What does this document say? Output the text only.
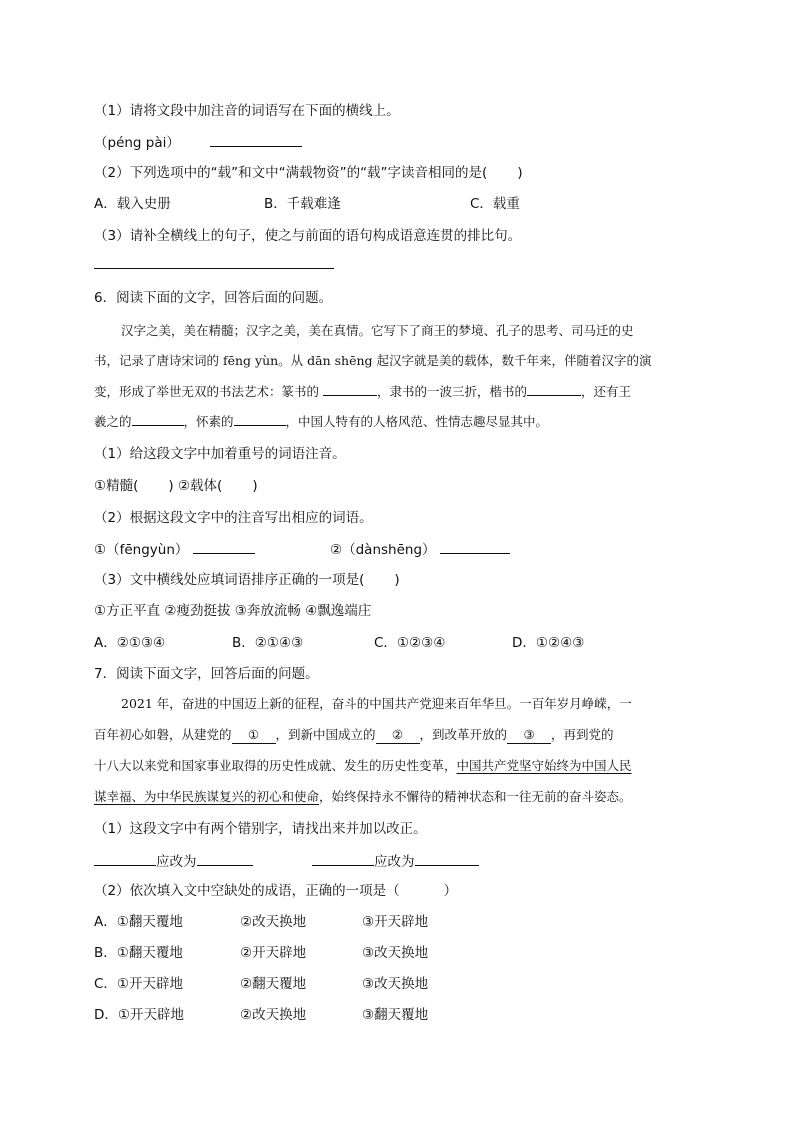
（1）请将文段中加注音的词语写在下面的横线上。
（péng pài）
（2）下列选项中的“载”和文中“满载物资”的“载”字读音相同的是( )
A．载入史册	B．千载难逢	C．载重
（3）请补全横线上的句子，使之与前面的语句构成语意连贯的排比句。
6．阅读下面的文字，回答后面的问题。
汉字之美，美在精髓；汉字之美，美在真情。它写下了商王的梦境、孔子的思考、司马迁的史
书，记录了唐诗宋词的 fēng yùn。从 dān shēng 起汉字就是美的载体，数千年来，伴随着汉字的演
变，形成了举世无双的书法艺术：篆书的	，隶书的一波三折，楷书的	，还有王
羲之的	，怀素的	，中国人特有的人格风范、性情志趣尽显其中。
（1）给这段文字中加着重号的词语注音。
①精髓( ) ②载体( )
（2）根据这段文字中的注音写出相应的词语。
①（fēngyùn）	②（dànshēng）
（3）文中横线处应填词语排序正确的一项是( )
①方正平直 ②瘦劲挺拔 ③奔放流畅 ④飘逸端庄
A．②①③④	B．②①④③	C．①②③④	D．①②④③
7．阅读下面文字，回答后面的问题。
2021 年，奋进的中国迈上新的征程，奋斗的中国共产党迎来百年华旦。一百年岁月峥嵘，一
百年初心如磐，从建党的 ① ，到新中国成立的 ② ，到改革开放的 ③ ，再到党的
十八大以来党和国家事业取得的历史性成就、发生的历史性变革，中国共产党坚守始终为中国人民
谋幸福、为中华民族谋复兴的初心和使命，始终保持永不懈待的精神状态和一往无前的奋斗姿态。
（1）这段文字中有两个错别字，请找出来并加以改正。
应改为	应改为
（2）依次填入文中空缺处的成语，正确的一项是（	）
A．①翻天覆地	②改天换地	③开天辟地
B．①翻天覆地	②开天辟地	③改天换地
C．①开天辟地	②翻天覆地	③改天换地
D．①开天辟地	②改天换地	③翻天覆地
